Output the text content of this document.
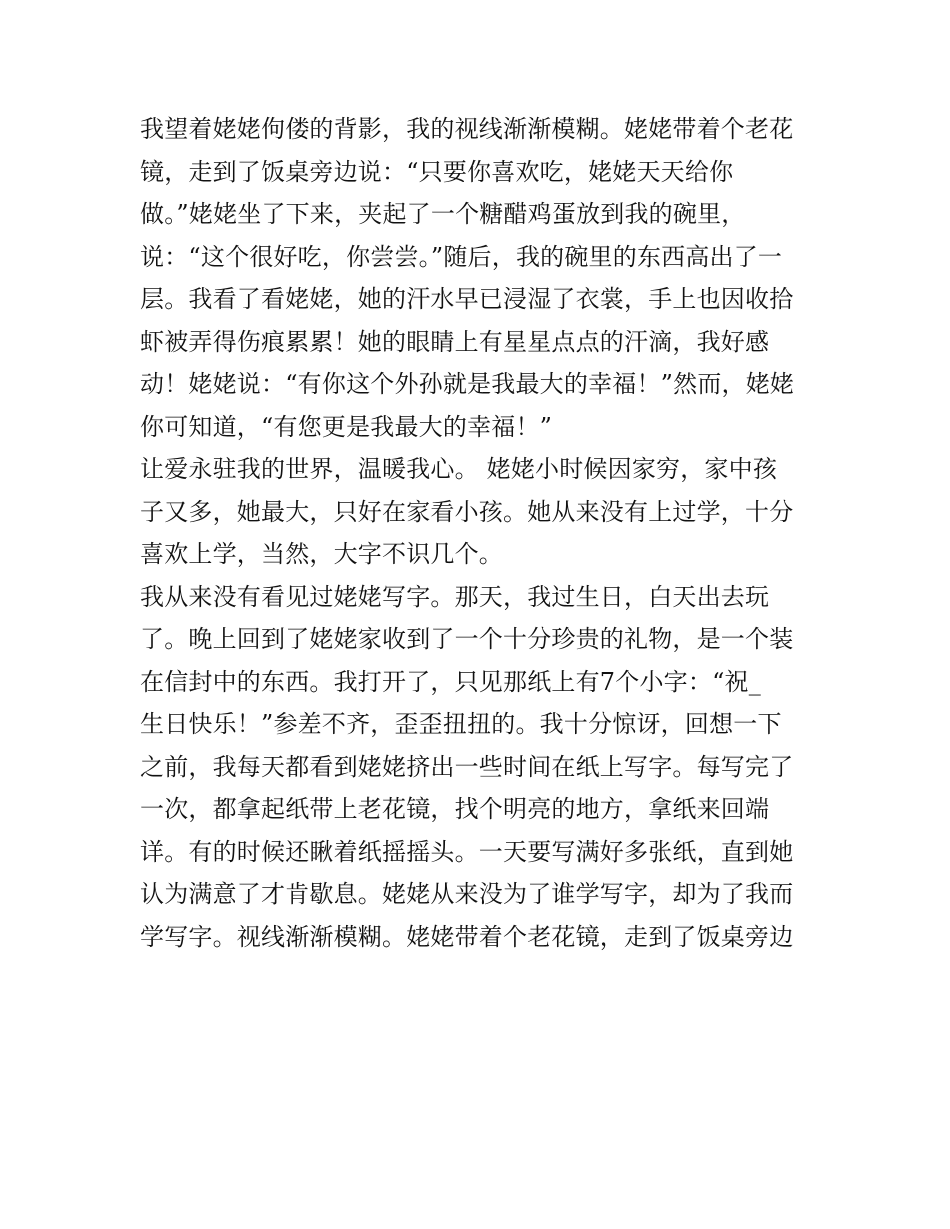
我望着姥姥佝偻的背影，我的视线渐渐模糊。姥姥带着个老花
镜，走到了饭桌旁边说：“只要你喜欢吃，姥姥天天给你
做。”姥姥坐了下来，夹起了一个糖醋鸡蛋放到我的碗里，
说：“这个很好吃，你尝尝。”随后，我的碗里的东西高出了一
层。我看了看姥姥，她的汗水早已浸湿了衣裳，手上也因收拾
虾被弄得伤痕累累！她的眼睛上有星星点点的汗滴，我好感
动！姥姥说：“有你这个外孙就是我最大的幸福！”然而，姥姥
你可知道，“有您更是我最大的幸福！”
让爱永驻我的世界，温暖我心。 姥姥小时候因家穷，家中孩
子又多，她最大，只好在家看小孩。她从来没有上过学，十分
喜欢上学，当然，大字不识几个。
我从来没有看见过姥姥写字。那天，我过生日，白天出去玩
了。晚上回到了姥姥家收到了一个十分珍贵的礼物，是一个装
在信封中的东西。我打开了，只见那纸上有7个小字：“祝_
生日快乐！”参差不齐，歪歪扭扭的。我十分惊讶，回想一下
之前，我每天都看到姥姥挤出一些时间在纸上写字。每写完了
一次，都拿起纸带上老花镜，找个明亮的地方，拿纸来回端
详。有的时候还瞅着纸摇摇头。一天要写满好多张纸，直到她
认为满意了才肯歇息。姥姥从来没为了谁学写字，却为了我而
学写字。视线渐渐模糊。姥姥带着个老花镜，走到了饭桌旁边
